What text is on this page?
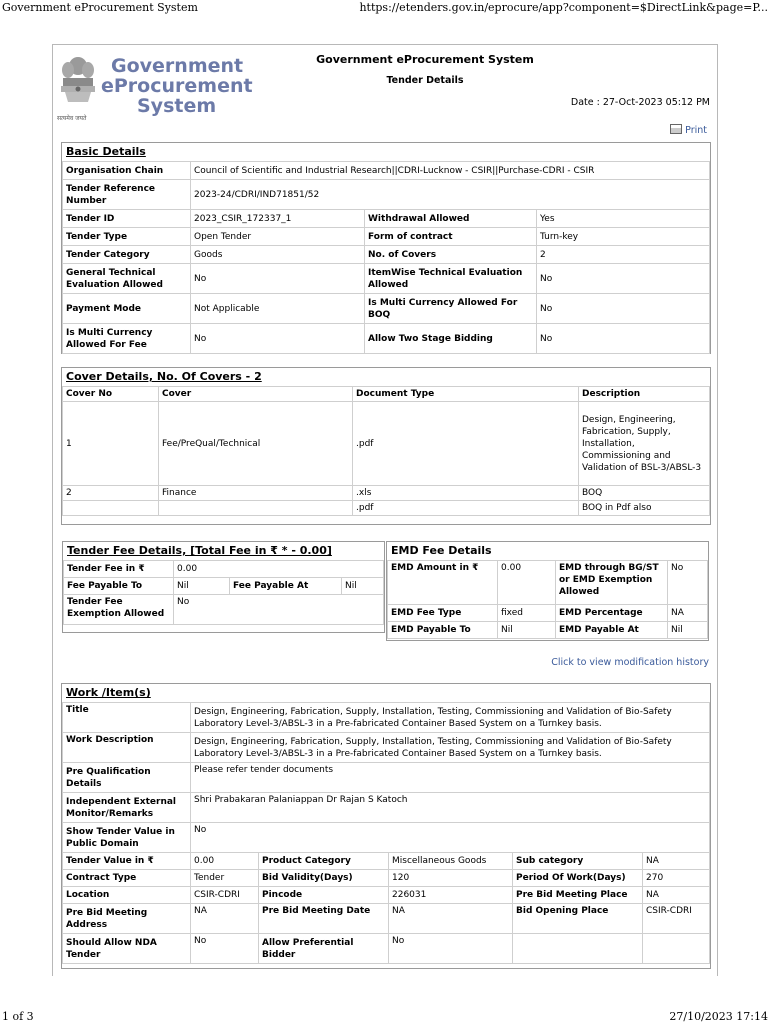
Government eProcurement System	https://etenders.gov.in/eprocure/app?component=$DirectLink&page=P...
सत्यमेव जयते
Government
eProcurement
System
Government eProcurement System
Tender Details
Date : 27-Oct-2023 05:12 PM
Print
Basic Details
Organisation Chain	Council of Scientific and Industrial Research||CDRI-Lucknow - CSIR||Purchase-CDRI - CSIR		
Tender Reference Number	2023-24/CDRI/IND71851/52		
Tender ID	2023_CSIR_172337_1	Withdrawal Allowed	Yes
Tender Type	Open Tender	Form of contract	Turn-key
Tender Category	Goods	No. of Covers	2
General Technical Evaluation Allowed	No	ItemWise Technical Evaluation Allowed	No
Payment Mode	Not Applicable	Is Multi Currency Allowed For BOQ	No
Is Multi Currency Allowed For Fee	No	Allow Two Stage Bidding	No
Cover Details, No. Of Covers - 2
Cover No	Cover	Document Type	Description
1	Fee/PreQual/Technical	.pdf	Design, Engineering, Fabrication, Supply, Installation, Commissioning and Validation of BSL-3/ABSL-3
2	Finance	.xls	BOQ
		.pdf	BOQ in Pdf also
Tender Fee Details, [Total Fee in ₹ * - 0.00]
Tender Fee in ₹	0.00		
Fee Payable To	Nil	Fee Payable At	Nil
Tender Fee Exemption Allowed	No		
EMD Fee Details
EMD Amount in ₹	0.00	EMD through BG/ST or EMD Exemption Allowed	No
EMD Fee Type	fixed	EMD Percentage	NA
EMD Payable To	Nil	EMD Payable At	Nil
Click to view modification history
Work /Item(s)
Title	Design, Engineering, Fabrication, Supply, Installation, Testing, Commissioning and Validation of Bio-Safety Laboratory Level-3/ABSL-3 in a Pre-fabricated Container Based System on a Turnkey basis.				
Work Description	Design, Engineering, Fabrication, Supply, Installation, Testing, Commissioning and Validation of Bio-Safety Laboratory Level-3/ABSL-3 in a Pre-fabricated Container Based System on a Turnkey basis.				
Pre Qualification Details	Please refer tender documents				
Independent External Monitor/Remarks	Shri Prabakaran Palaniappan Dr Rajan S Katoch				
Show Tender Value in Public Domain	No				
Tender Value in ₹	0.00	Product Category	Miscellaneous Goods	Sub category	NA
Contract Type	Tender	Bid Validity(Days)	120	Period Of Work(Days)	270
Location	CSIR-CDRI	Pincode	226031	Pre Bid Meeting Place	NA
Pre Bid Meeting Address	NA	Pre Bid Meeting Date	NA	Bid Opening Place	CSIR-CDRI
Should Allow NDA Tender	No	Allow Preferential Bidder	No		
1 of 3	27/10/2023 17:14
